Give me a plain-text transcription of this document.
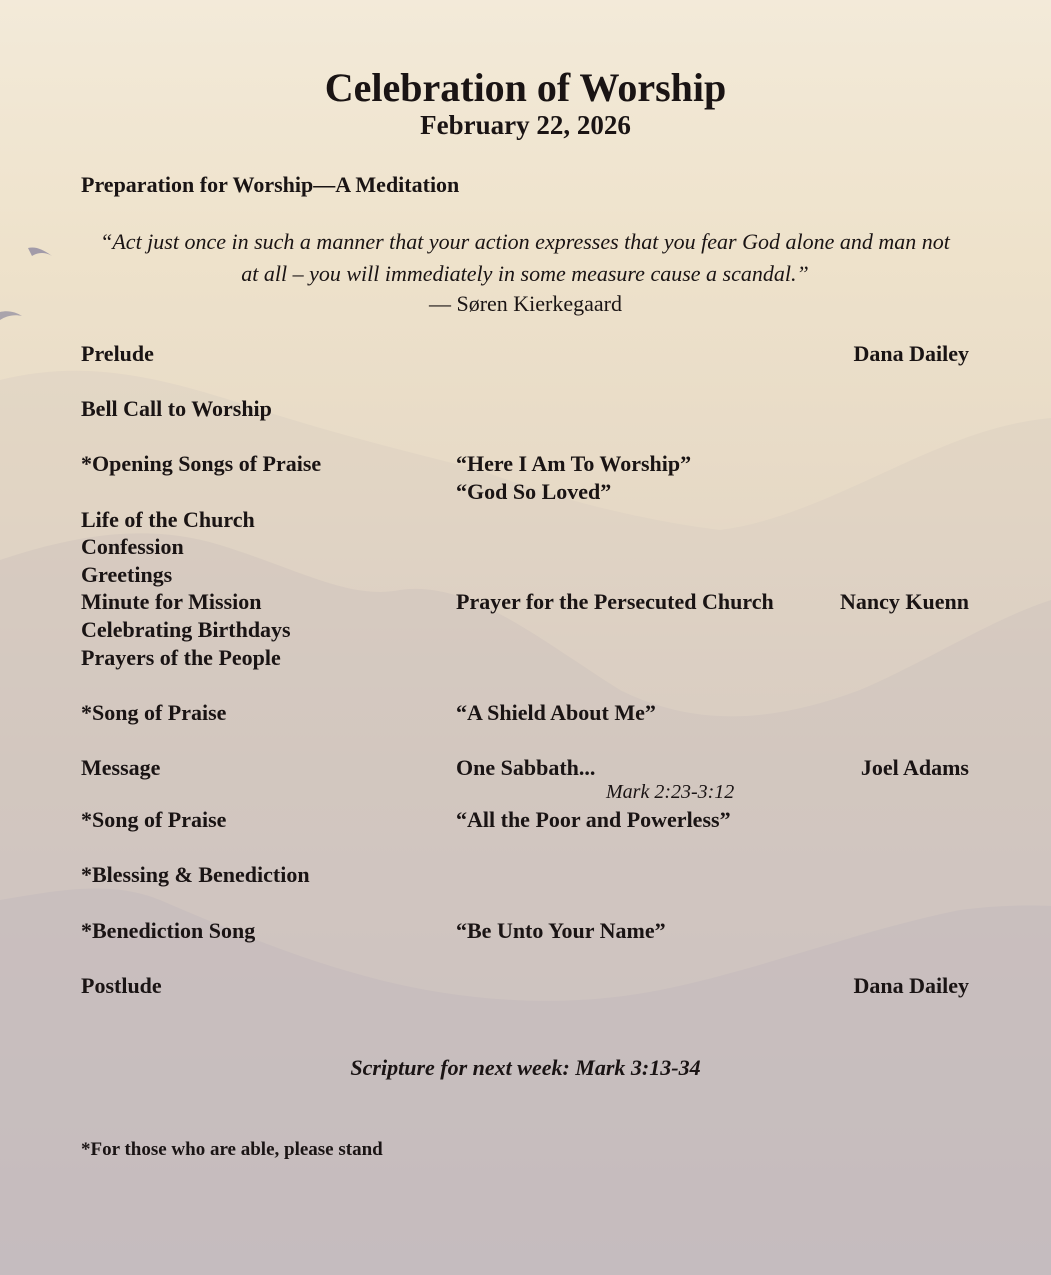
Celebration of Worship
February 22, 2026
Preparation for Worship—A Meditation
“Act just once in such a manner that your action expresses that you fear God alone and man not
at all – you will immediately in some measure cause a scandal.”
— Søren Kierkegaard
Prelude	Dana Dailey
Bell Call to Worship
*Opening Songs of Praise	“Here I Am To Worship”
“God So Loved”
Life of the Church
Confession
Greetings
Minute for Mission	Prayer for the Persecuted Church	Nancy Kuenn
Celebrating Birthdays
Prayers of the People
*Song of Praise	“A Shield About Me”
Message	One Sabbath...	Joel Adams
Mark 2:23-3:12
*Song of Praise	“All the Poor and Powerless”
*Blessing & Benediction
*Benediction Song	“Be Unto Your Name”
Postlude	Dana Dailey
Scripture for next week: Mark 3:13-34
*For those who are able, please stand
